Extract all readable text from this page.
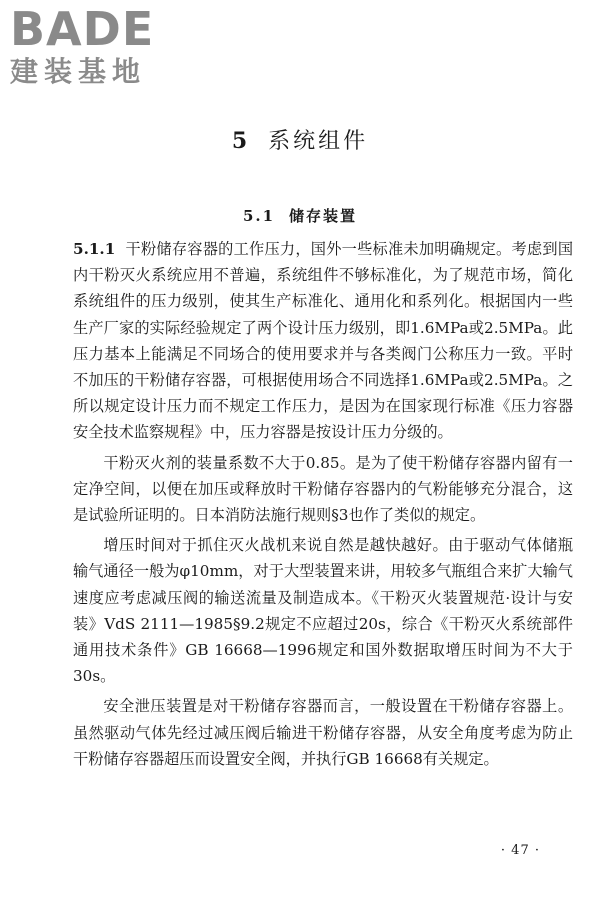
BADE
建装基地
5 系统组件
5.1 储存装置

5.1.1 干粉储存容器的工作压力，国外一些标准未加明确规定。考虑到国内干粉灭火系统应用不普遍，系统组件不够标准化，为了规范市场，简化系统组件的压力级别，使其生产标准化、通用化和系列化。根据国内一些生产厂家的实际经验规定了两个设计压力级别，即1.6MPa或2.5MPa。此压力基本上能满足不同场合的使用要求并与各类阀门公称压力一致。平时不加压的干粉储存容器，可根据使用场合不同选择1.6MPa或2.5MPa。之所以规定设计压力而不规定工作压力，是因为在国家现行标准《压力容器安全技术监察规程》中，压力容器是按设计压力分级的。

干粉灭火剂的装量系数不大于0.85。是为了使干粉储存容器内留有一定净空间，以便在加压或释放时干粉储存容器内的气粉能够充分混合，这是试验所证明的。日本消防法施行规则§3也作了类似的规定。

增压时间对于抓住灭火战机来说自然是越快越好。由于驱动气体储瓶输气通径一般为φ10mm，对于大型装置来讲，用较多气瓶组合来扩大输气速度应考虑减压阀的输送流量及制造成本。《干粉灭火装置规范·设计与安装》VdS 2111—1985§9.2规定不应超过20s，综合《干粉灭火系统部件通用技术条件》GB 16668—1996规定和国外数据取增压时间为不大于30s。

安全泄压装置是对干粉储存容器而言，一般设置在干粉储存容器上。虽然驱动气体先经过减压阀后输进干粉储存容器，从安全角度考虑为防止干粉储存容器超压而设置安全阀，并执行GB 16668有关规定。

· 47 ·
